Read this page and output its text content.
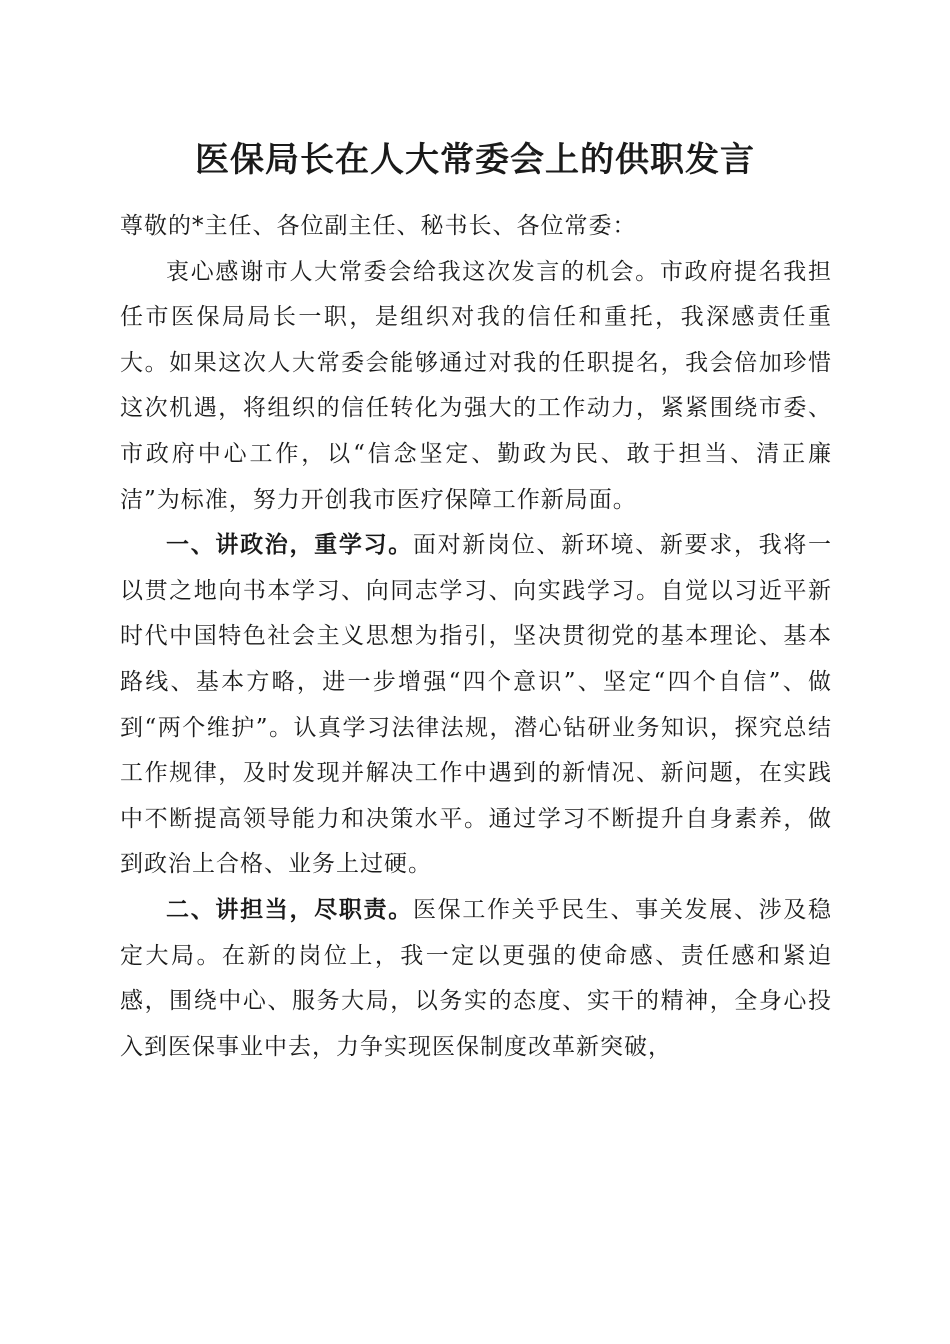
医保局长在人大常委会上的供职发言

尊敬的*主任、各位副主任、秘书长、各位常委：

衷心感谢市人大常委会给我这次发言的机会。市政府提名我担任市医保局局长一职，是组织对我的信任和重托，我深感责任重大。如果这次人大常委会能够通过对我的任职提名，我会倍加珍惜这次机遇，将组织的信任转化为强大的工作动力，紧紧围绕市委、市政府中心工作，以“信念坚定、勤政为民、敢于担当、清正廉洁”为标准，努力开创我市医疗保障工作新局面。

一、讲政治，重学习。面对新岗位、新环境、新要求，我将一以贯之地向书本学习、向同志学习、向实践学习。自觉以习近平新时代中国特色社会主义思想为指引，坚决贯彻党的基本理论、基本路线、基本方略，进一步增强“四个意识”、坚定“四个自信”、做到“两个维护”。认真学习法律法规，潜心钻研业务知识，探究总结工作规律，及时发现并解决工作中遇到的新情况、新问题，在实践中不断提高领导能力和决策水平。通过学习不断提升自身素养，做到政治上合格、业务上过硬。

二、讲担当，尽职责。医保工作关乎民生、事关发展、涉及稳定大局。在新的岗位上，我一定以更强的使命感、责任感和紧迫感，围绕中心、服务大局，以务实的态度、实干的精神，全身心投入到医保事业中去，力争实现医保制度改革新突破，
